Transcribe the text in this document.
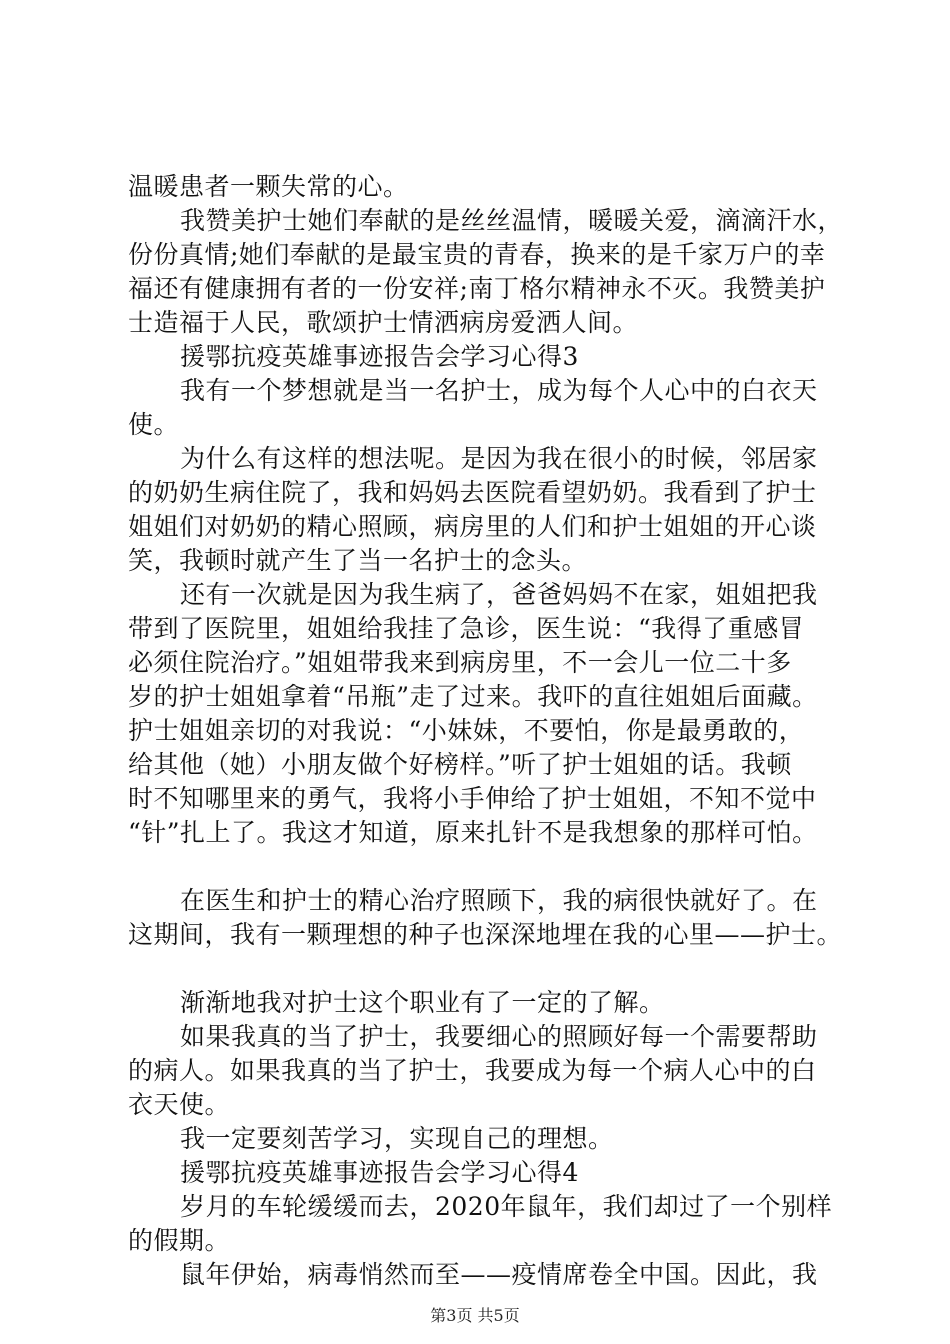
温暖患者一颗失常的心。
我赞美护士她们奉献的是丝丝温情，暖暖关爱，滴滴汗水，
份份真情;她们奉献的是最宝贵的青春，换来的是千家万户的幸
福还有健康拥有者的一份安祥;南丁格尔精神永不灭。我赞美护
士造福于人民，歌颂护士情洒病房爱洒人间。
援鄂抗疫英雄事迹报告会学习心得3
我有一个梦想就是当一名护士，成为每个人心中的白衣天
使。
为什么有这样的想法呢。是因为我在很小的时候，邻居家
的奶奶生病住院了，我和妈妈去医院看望奶奶。我看到了护士
姐姐们对奶奶的精心照顾，病房里的人们和护士姐姐的开心谈
笑，我顿时就产生了当一名护士的念头。
还有一次就是因为我生病了，爸爸妈妈不在家，姐姐把我
带到了医院里，姐姐给我挂了急诊，医生说：“我得了重感冒
必须住院治疗。”姐姐带我来到病房里，不一会儿一位二十多
岁的护士姐姐拿着“吊瓶”走了过来。我吓的直往姐姐后面藏。
护士姐姐亲切的对我说：“小妹妹，不要怕，你是最勇敢的，
给其他（她）小朋友做个好榜样。”听了护士姐姐的话。我顿
时不知哪里来的勇气，我将小手伸给了护士姐姐，不知不觉中
“针”扎上了。我这才知道，原来扎针不是我想象的那样可怕。
在医生和护士的精心治疗照顾下，我的病很快就好了。在
这期间，我有一颗理想的种子也深深地埋在我的心里——护士。
渐渐地我对护士这个职业有了一定的了解。
如果我真的当了护士，我要细心的照顾好每一个需要帮助
的病人。如果我真的当了护士，我要成为每一个病人心中的白
衣天使。
我一定要刻苦学习，实现自己的理想。
援鄂抗疫英雄事迹报告会学习心得4
岁月的车轮缓缓而去，2020年鼠年，我们却过了一个别样
的假期。
鼠年伊始，病毒悄然而至——疫情席卷全中国。因此，我
第3页 共5页
